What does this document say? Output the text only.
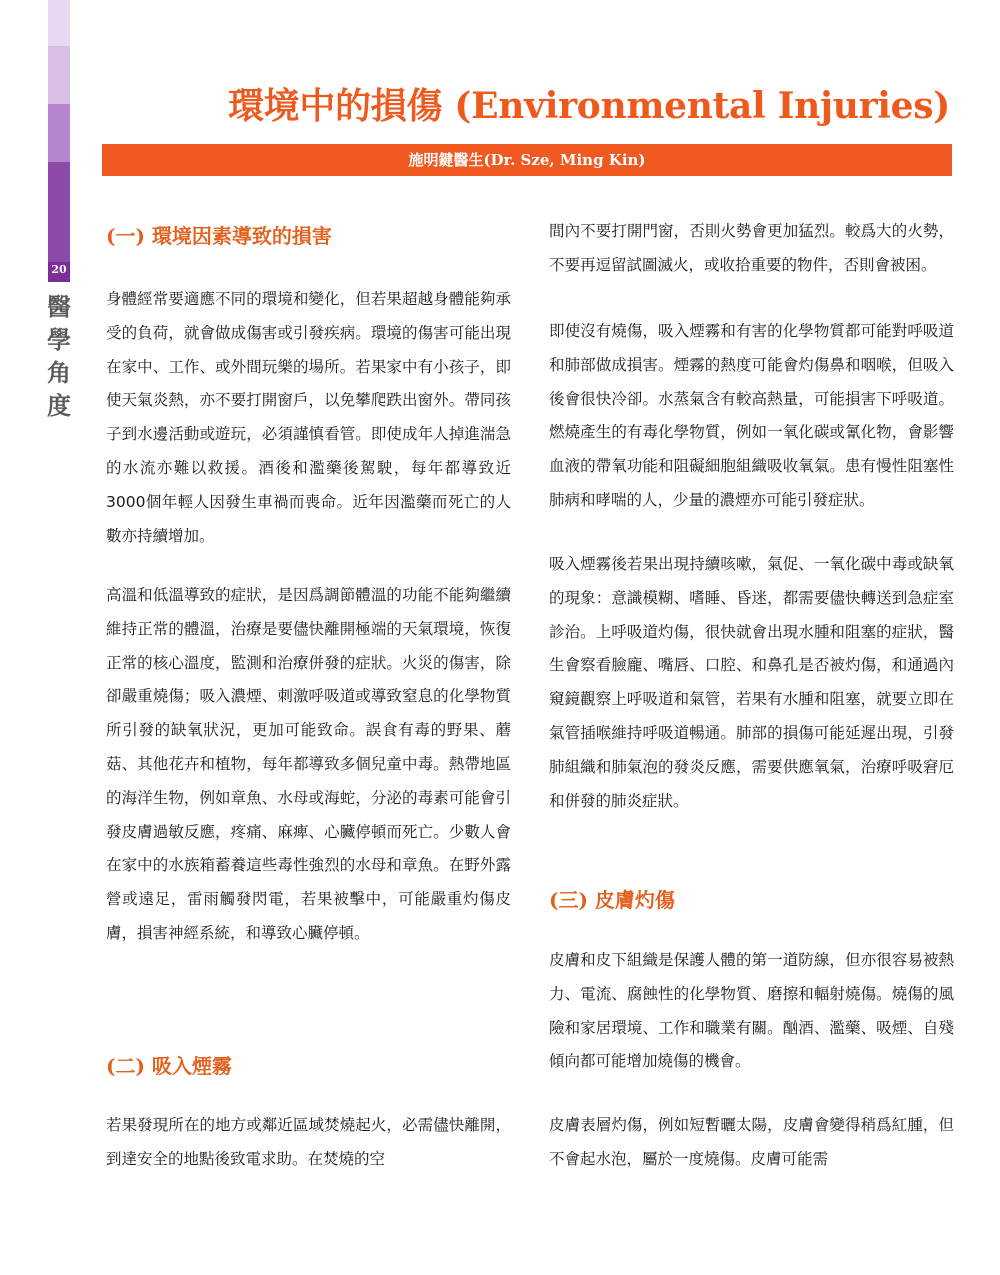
20
醫
學
角
度
環境中的損傷 (Environmental Injuries)
施明鍵醫生(Dr. Sze, Ming Kin)
(一) 環境因素導致的損害

身體經常要適應不同的環境和變化，但若果超越身體能夠承受的負荷，就會做成傷害或引發疾病。環境的傷害可能出現在家中、工作、或外間玩樂的場所。若果家中有小孩子，即使天氣炎熱，亦不要打開窗戶，以免攀爬跌出窗外。帶同孩子到水邊活動或遊玩，必須謹慎看管。即使成年人掉進湍急的水流亦難以救援。酒後和濫藥後駕駛，每年都導致近3000個年輕人因發生車禍而喪命。近年因濫藥而死亡的人數亦持續增加。

高溫和低溫導致的症狀，是因爲調節體溫的功能不能夠繼續維持正常的體溫，治療是要儘快離開極端的天氣環境，恢復正常的核心溫度，監測和治療併發的症狀。火災的傷害，除卻嚴重燒傷；吸入濃煙、刺激呼吸道或導致窒息的化學物質所引發的缺氧狀況，更加可能致命。誤食有毒的野果、蘑菇、其他花卉和植物，每年都導致多個兒童中毒。熱帶地區的海洋生物，例如章魚、水母或海蛇，分泌的毒素可能會引發皮膚過敏反應，疼痛、麻痺、心臟停頓而死亡。少數人會在家中的水族箱蓄養這些毒性強烈的水母和章魚。在野外露營或遠足，雷雨觸發閃電，若果被擊中，可能嚴重灼傷皮膚，損害神經系統，和導致心臟停頓。

(二) 吸入煙霧

若果發現所在的地方或鄰近區域焚燒起火，必需儘快離開，到達安全的地點後致電求助。在焚燒的空

間內不要打開門窗，否則火勢會更加猛烈。較爲大的火勢，不要再逗留試圖滅火，或收拾重要的物件，否則會被困。

即使沒有燒傷，吸入煙霧和有害的化學物質都可能對呼吸道和肺部做成損害。煙霧的熱度可能會灼傷鼻和咽喉，但吸入後會很快冷卻。水蒸氣含有較高熱量，可能損害下呼吸道。燃燒產生的有毒化學物質，例如一氧化碳或氰化物，會影響血液的帶氧功能和阻礙細胞組織吸收氧氣。患有慢性阻塞性肺病和哮喘的人，少量的濃煙亦可能引發症狀。

吸入煙霧後若果出現持續咳嗽，氣促、一氧化碳中毒或缺氧的現象：意識模糊、嗜睡、昏迷，都需要儘快轉送到急症室診治。上呼吸道灼傷，很快就會出現水腫和阻塞的症狀，醫生會察看臉龐、嘴唇、口腔、和鼻孔是否被灼傷，和通過內窺鏡觀察上呼吸道和氣管，若果有水腫和阻塞，就要立即在氣管插喉維持呼吸道暢通。肺部的損傷可能延遲出現，引發肺組織和肺氣泡的發炎反應，需要供應氧氣，治療呼吸窘厄和併發的肺炎症狀。

(三) 皮膚灼傷

皮膚和皮下組織是保護人體的第一道防線，但亦很容易被熱力、電流、腐蝕性的化學物質、磨擦和輻射燒傷。燒傷的風險和家居環境、工作和職業有關。酗酒、濫藥、吸煙、自殘傾向都可能增加燒傷的機會。

皮膚表層灼傷，例如短暫曬太陽，皮膚會變得稍爲紅腫，但不會起水泡，屬於一度燒傷。皮膚可能需
